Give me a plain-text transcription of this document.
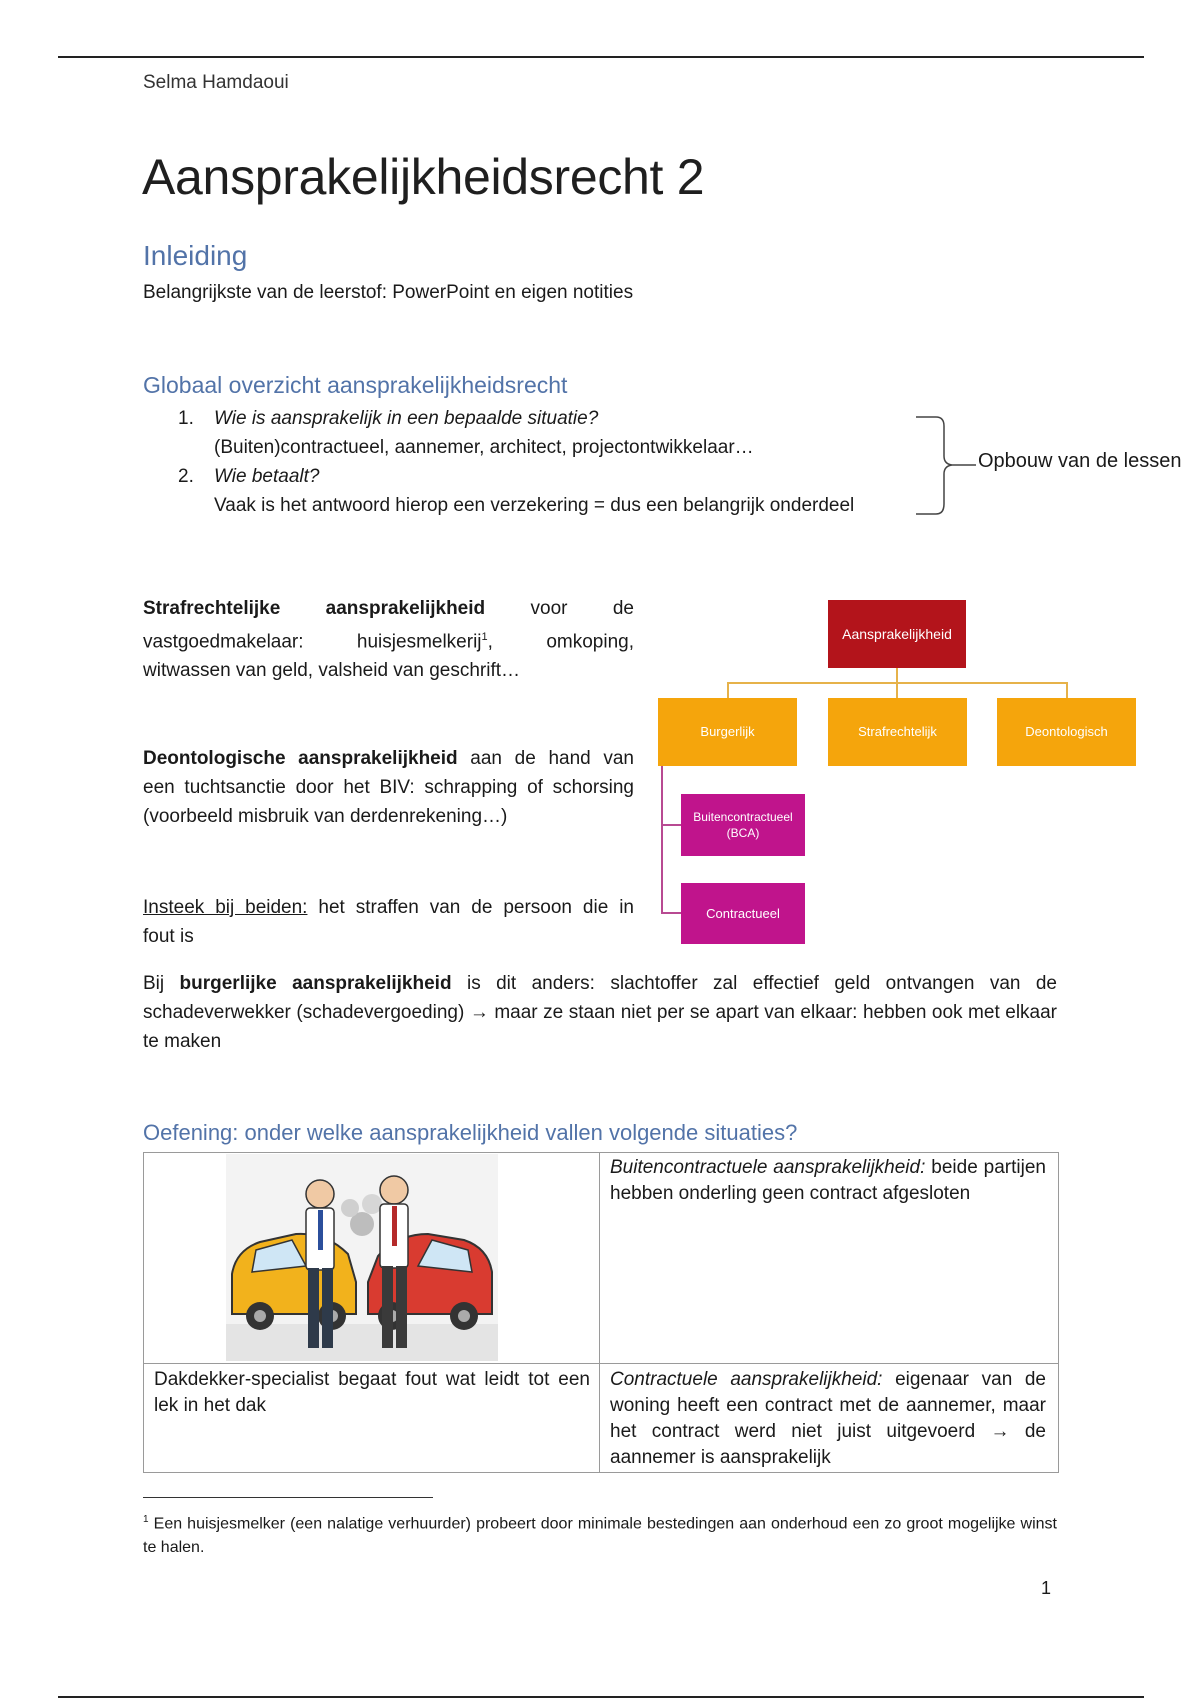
Selma Hamdaoui
Aansprakelijkheidsrecht 2
Inleiding
Belangrijkste van de leerstof: PowerPoint en eigen notities
Globaal overzicht aansprakelijkheidsrecht
1. Wie is aansprakelijk in een bepaalde situatie?
(Buiten)contractueel, aannemer, architect, projectontwikkelaar…
2. Wie betaalt?
Vaak is het antwoord hierop een verzekering = dus een belangrijk onderdeel
Opbouw van de lessen
Strafrechtelijke aansprakelijkheid voor de
vastgoedmakelaar: huisjesmelkerij$^1$, omkoping,
witwassen van geld, valsheid van geschrift…
Deontologische aansprakelijkheid aan de hand van
een tuchtsanctie door het BIV: schrapping of schorsing
(voorbeeld misbruik van derdenrekening…)
Insteek bij beiden: het straffen van de persoon die in
fout is
Aansprakelijkheid
Burgerlijk	Strafrechtelijk	Deontologisch
Buitencontractueel (BCA)
Contractueel
Bij burgerlijke aansprakelijkheid is dit anders: slachtoffer zal effectief geld ontvangen van de schadeverwekker (schadevergoeding) → maar ze staan niet per se apart van elkaar: hebben ook met elkaar te maken
Oefening: onder welke aansprakelijkheid vallen volgende situaties?
Buitencontractuele aansprakelijkheid: beide partijen hebben onderling geen contract afgesloten
Dakdekker-specialist begaat fout wat leidt tot een lek in het dak
Contractuele aansprakelijkheid: eigenaar van de woning heeft een contract met de aannemer, maar het contract werd niet juist uitgevoerd → de aannemer is aansprakelijk
$^1$ Een huisjesmelker (een nalatige verhuurder) probeert door minimale bestedingen aan onderhoud een zo groot mogelijke winst te halen.
1
